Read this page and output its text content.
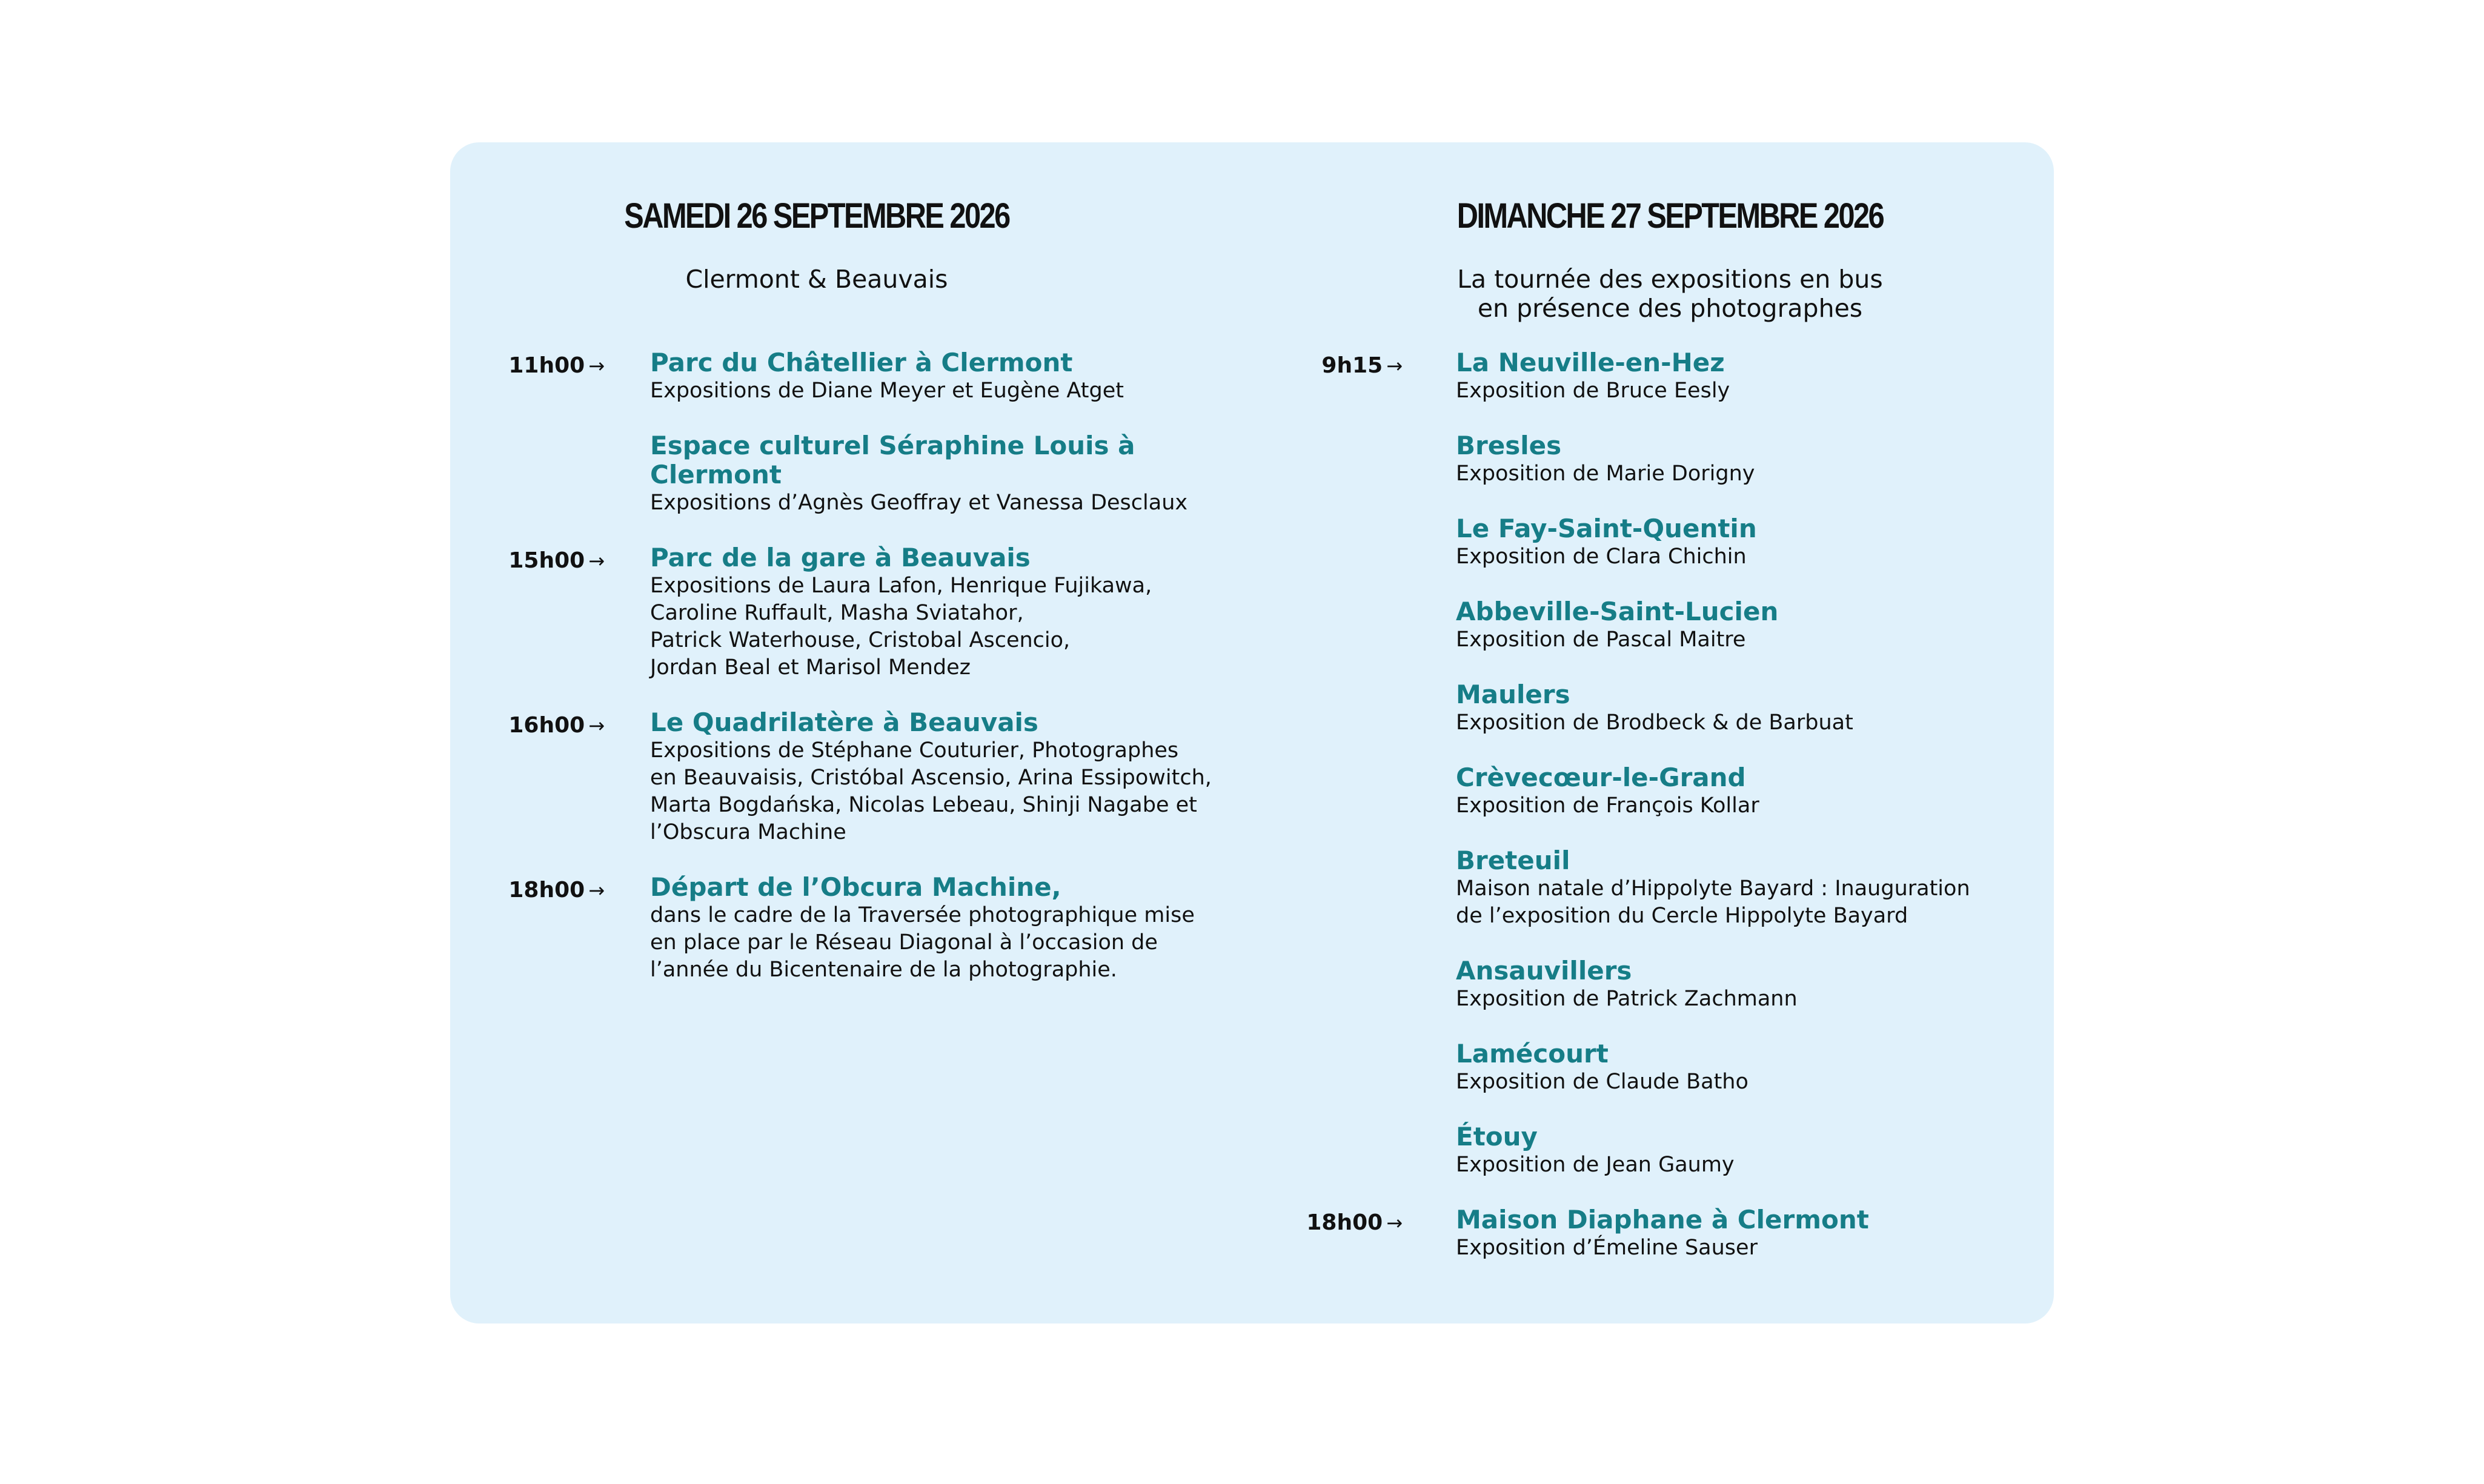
SAMEDI 26 SEPTEMBRE 2026
Clermont & Beauvais
11h00 → Parc du Châtellier à Clermont
Expositions de Diane Meyer et Eugène Atget
Espace culturel Séraphine Louis à Clermont
Expositions d’Agnès Geoffray et Vanessa Desclaux
15h00 → Parc de la gare à Beauvais
Expositions de Laura Lafon, Henrique Fujikawa,
Caroline Ruffault, Masha Sviatahor,
Patrick Waterhouse, Cristobal Ascencio,
Jordan Beal et Marisol Mendez
16h00 → Le Quadrilatère à Beauvais
Expositions de Stéphane Couturier, Photographes
en Beauvaisis, Cristóbal Ascensio, Arina Essipowitch,
Marta Bogdańska, Nicolas Lebeau, Shinji Nagabe et
l’Obscura Machine
18h00 → Départ de l’Obcura Machine,
dans le cadre de la Traversée photographique mise
en place par le Réseau Diagonal à l’occasion de
l’année du Bicentenaire de la photographie.
DIMANCHE 27 SEPTEMBRE 2026
La tournée des expositions en bus
en présence des photographes
9h15 → La Neuville-en-Hez
Exposition de Bruce Eesly
Bresles
Exposition de Marie Dorigny
Le Fay-Saint-Quentin
Exposition de Clara Chichin
Abbeville-Saint-Lucien
Exposition de Pascal Maitre
Maulers
Exposition de Brodbeck & de Barbuat
Crèvecœur-le-Grand
Exposition de François Kollar
Breteuil
Maison natale d’Hippolyte Bayard : Inauguration
de l’exposition du Cercle Hippolyte Bayard
Ansauvillers
Exposition de Patrick Zachmann
Lamécourt
Exposition de Claude Batho
Étouy
Exposition de Jean Gaumy
18h00 → Maison Diaphane à Clermont
Exposition d’Émeline Sauser
